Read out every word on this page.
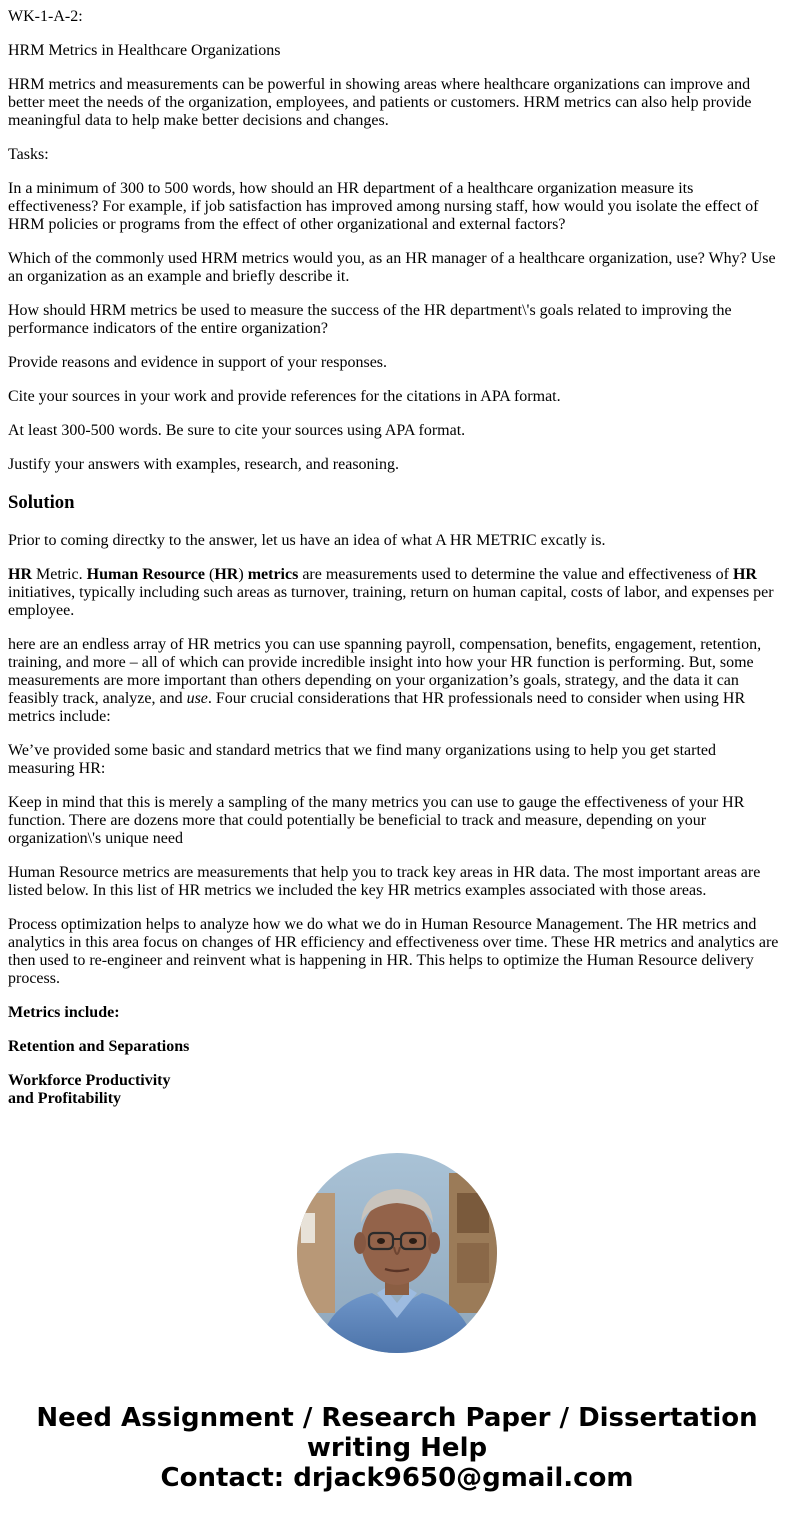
WK-1-A-2:

HRM Metrics in Healthcare Organizations

HRM metrics and measurements can be powerful in showing areas where healthcare organizations can improve and better meet the needs of the organization, employees, and patients or customers. HRM metrics can also help provide meaningful data to help make better decisions and changes.

Tasks:

In a minimum of 300 to 500 words, how should an HR department of a healthcare organization measure its effectiveness? For example, if job satisfaction has improved among nursing staff, how would you isolate the effect of HRM policies or programs from the effect of other organizational and external factors?

Which of the commonly used HRM metrics would you, as an HR manager of a healthcare organization, use? Why? Use an organization as an example and briefly describe it.

How should HRM metrics be used to measure the success of the HR department\'s goals related to improving the performance indicators of the entire organization?

Provide reasons and evidence in support of your responses.

Cite your sources in your work and provide references for the citations in APA format.

At least 300-500 words. Be sure to cite your sources using APA format.

Justify your answers with examples, research, and reasoning.

Solution

Prior to coming directky to the answer, let us have an idea of what A HR METRIC excatly is.

HR Metric. Human Resource (HR) metrics are measurements used to determine the value and effectiveness of HR initiatives, typically including such areas as turnover, training, return on human capital, costs of labor, and expenses per employee.

here are an endless array of HR metrics you can use spanning payroll, compensation, benefits, engagement, retention, training, and more – all of which can provide incredible insight into how your HR function is performing. But, some measurements are more important than others depending on your organization’s goals, strategy, and the data it can feasibly track, analyze, and use. Four crucial considerations that HR professionals need to consider when using HR metrics include:

We’ve provided some basic and standard metrics that we find many organizations using to help you get started measuring HR:

Keep in mind that this is merely a sampling of the many metrics you can use to gauge the effectiveness of your HR function. There are dozens more that could potentially be beneficial to track and measure, depending on your organization\'s unique need

Human Resource metrics are measurements that help you to track key areas in HR data. The most important areas are listed below. In this list of HR metrics we included the key HR metrics examples associated with those areas.

Process optimization helps to analyze how we do what we do in Human Resource Management. The HR metrics and analytics in this area focus on changes of HR efficiency and effectiveness over time. These HR metrics and analytics are then used to re-engineer and reinvent what is happening in HR. This helps to optimize the Human Resource delivery process.

Metrics include:

Retention and Separations

Workforce Productivity
and Profitability

Need Assignment / Research Paper / Dissertation
writing Help
Contact: drjack9650@gmail.com
